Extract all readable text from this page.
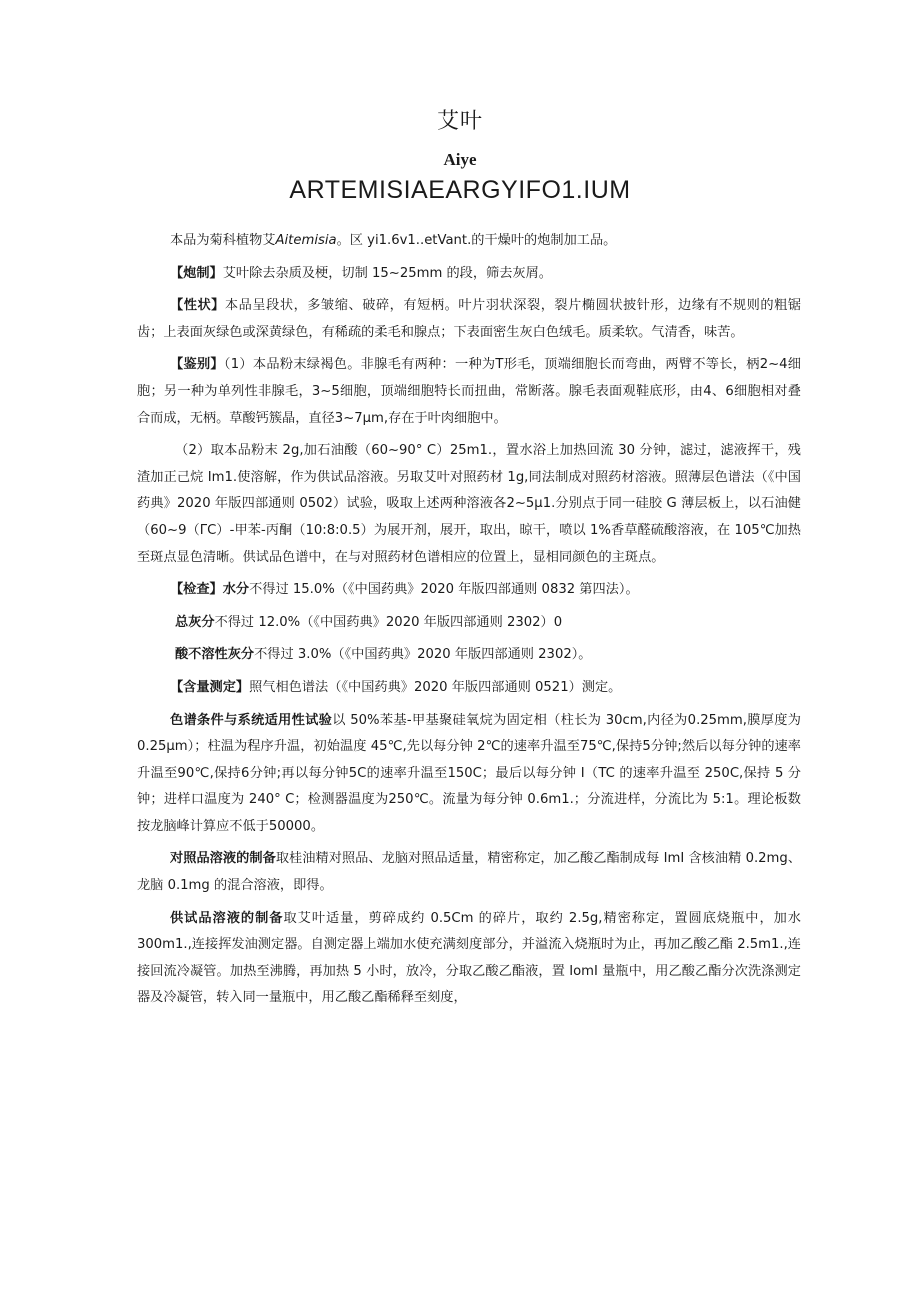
艾叶
Aiye
ARTEMISIAEARGYIFO1.IUM

本品为菊科植物艾Aitemisia。区 yi1.6v1..etVant.的干燥叶的炮制加工品。

【炮制】艾叶除去杂质及梗，切制 15~25mm 的段，筛去灰屑。

【性状】本品呈段状，多皱缩、破碎，有短柄。叶片羽状深裂，裂片椭圆状披针形，边缘有不规则的粗锯齿；上表面灰绿色或深黄绿色，有稀疏的柔毛和腺点；下表面密生灰白色绒毛。质柔软。气清香，味苦。

【鉴别】（1）本品粉末绿褐色。非腺毛有两种：一种为T形毛，顶端细胞长而弯曲，两臂不等长，柄2~4细胞；另一种为单列性非腺毛，3~5细胞，顶端细胞特长而扭曲，常断落。腺毛表面观鞋底形，由4、6细胞相对叠合而成，无柄。草酸钙簇晶，直径3~7μm,存在于叶肉细胞中。

（2）取本品粉末 2g,加石油酸（60~90° C）25m1.，置水浴上加热回流 30 分钟，滤过，滤液挥干，残渣加正己烷 Im1.使溶解，作为供试品溶液。另取艾叶对照药材 1g,同法制成对照药材溶液。照薄层色谱法（《中国药典》2020 年版四部通则 0502）试验，吸取上述两种溶液各2~5μ1.分别点于同一硅胶 G 薄层板上，以石油健（60~9（ΓC）-甲苯-丙酮（10:8:0.5）为展开剂，展开，取出，晾干，喷以 1%香草醛硫酸溶液，在 105℃加热至斑点显色清晰。供试品色谱中，在与对照药材色谱相应的位置上，显相同颜色的主斑点。

【检查】水分不得过 15.0%（《中国药典》2020 年版四部通则 0832 第四法）。

总灰分不得过 12.0%（《中国药典》2020 年版四部通则 2302）0

酸不溶性灰分不得过 3.0%（《中国药典》2020 年版四部通则 2302）。

【含量测定】照气相色谱法（《中国药典》2020 年版四部通则 0521）测定。

色谱条件与系统适用性试验以 50%苯基-甲基聚硅氧烷为固定相（柱长为 30cm,内径为0.25mm,膜厚度为 0.25μm）；柱温为程序升温，初始温度 45℃,先以每分钟 2℃的速率升温至75℃,保持5分钟;然后以每分钟的速率升温至90℃,保持6分钟;再以每分钟5C的速率升温至150C；最后以每分钟 I（TC 的速率升温至 250C,保持 5 分钟；进样口温度为 240° C；检测器温度为250℃。流量为每分钟 0.6m1.；分流进样，分流比为 5:1。理论板数按龙脑峰计算应不低于50000。

对照品溶液的制备取桂油精对照品、龙脑对照品适量，精密称定，加乙酸乙酯制成每 ImI 含核油精 0.2mg、龙脑 0.1mg 的混合溶液，即得。

供试品溶液的制备取艾叶适量，剪碎成约 0.5Cm 的碎片，取约 2.5g,精密称定，置圆底烧瓶中，加水 300m1.,连接挥发油测定器。自测定器上端加水使充满刻度部分，并溢流入烧瓶时为止，再加乙酸乙酯 2.5m1.,连接回流冷凝管。加热至沸腾，再加热 5 小时，放冷，分取乙酸乙酯液，置 IomI 量瓶中，用乙酸乙酯分次洗涤测定器及冷凝管，转入同一量瓶中，用乙酸乙酯稀释至刻度，
